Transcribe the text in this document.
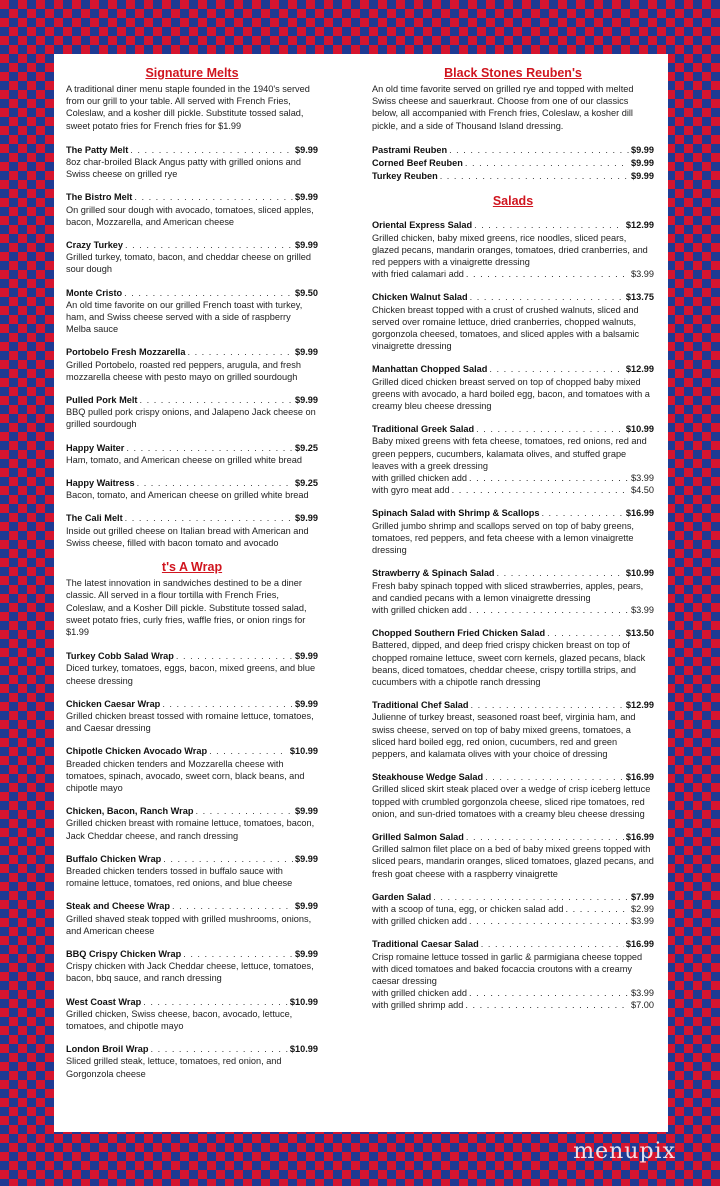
Signature Melts
A traditional diner menu staple founded in the 1940's served from our grill to your table. All served with French Fries, Coleslaw, and a kosher dill pickle. Substitute tossed salad, sweet potato fries for French fries for $1.99
The Patty Melt . . .	$9.99
8oz char-broiled Black Angus patty with grilled onions and Swiss cheese on grilled rye
The Bistro Melt . . .	$9.99
On grilled sour dough with avocado, tomatoes, sliced apples, bacon, Mozzarella, and American cheese
Crazy Turkey . . .	$9.99
Grilled turkey, tomato, bacon, and cheddar cheese on grilled sour dough
Monte Cristo . . .	$9.50
An old time favorite on our grilled French toast with turkey, ham, and Swiss cheese served with a side of raspberry Melba sauce
Portobelo Fresh Mozzarella . . .	$9.99
Grilled Portobelo, roasted red peppers, arugula, and fresh mozzarella cheese with pesto mayo on grilled sourdough
Pulled Pork Melt . . .	$9.99
BBQ pulled pork crispy onions, and Jalapeno Jack cheese on grilled sourdough
Happy Waiter . . .	$9.25
Ham, tomato, and American cheese on grilled white bread
Happy Waitress . . .	$9.25
Bacon, tomato, and American cheese on grilled white bread
The Cali Melt . . .	$9.99
Inside out grilled cheese on Italian bread with American and Swiss cheese, filled with bacon tomato and avocado
t's A Wrap
The latest innovation in sandwiches destined to be a diner classic. All served in a flour tortilla with French Fries, Coleslaw, and a Kosher Dill pickle. Substitute tossed salad, sweet potato fries, curly fries, waffle fries, or onion rings for $1.99
Turkey Cobb Salad Wrap . . .	$9.99
Diced turkey, tomatoes, eggs, bacon, mixed greens, and blue cheese dressing
Chicken Caesar Wrap . . .	$9.99
Grilled chicken breast tossed with romaine lettuce, tomatoes, and Caesar dressing
Chipotle Chicken Avocado Wrap . . .	$10.99
Breaded chicken tenders and Mozzarella cheese with tomatoes, spinach, avocado, sweet corn, black beans, and chipotle mayo
Chicken, Bacon, Ranch Wrap . . .	$9.99
Grilled chicken breast with romaine lettuce, tomatoes, bacon, Jack Cheddar cheese, and ranch dressing
Buffalo Chicken Wrap . . .	$9.99
Breaded chicken tenders tossed in buffalo sauce with romaine lettuce, tomatoes, red onions, and blue cheese
Steak and Cheese Wrap . . .	$9.99
Grilled shaved steak topped with grilled mushrooms, onions, and American cheese
BBQ Crispy Chicken Wrap . . .	$9.99
Crispy chicken with Jack Cheddar cheese, lettuce, tomatoes, bacon, bbq sauce, and ranch dressing
West Coast Wrap . . .	$10.99
Grilled chicken, Swiss cheese, bacon, avocado, lettuce, tomatoes, and chipotle mayo
London Broil Wrap . . .	$10.99
Sliced grilled steak, lettuce, tomatoes, red onion, and Gorgonzola cheese
Black Stones Reuben's
An old time favorite served on grilled rye and topped with melted Swiss cheese and sauerkraut. Choose from one of our classics below, all accompanied with French fries, Coleslaw, a kosher dill pickle, and a side of Thousand Island dressing.
Pastrami Reuben . . .	$9.99
Corned Beef Reuben . . .	$9.99
Turkey Reuben . . .	$9.99
Salads
Oriental Express Salad . . .	$12.99
Grilled chicken, baby mixed greens, rice noodles, sliced pears, glazed pecans, mandarin oranges, tomatoes, dried cranberries, and red peppers with a vinaigrette dressing
with fried calamari add . . .	$3.99
Chicken Walnut Salad . . .	$13.75
Chicken breast topped with a crust of crushed walnuts, sliced and served over romaine lettuce, dried cranberries, chopped walnuts, gorgonzola cheesed, tomatoes, and sliced apples with a balsamic vinaigrette dressing
Manhattan Chopped Salad . . .	$12.99
Grilled diced chicken breast served on top of chopped baby mixed greens with avocado, a hard boiled egg, bacon, and tomatoes with a creamy bleu cheese dressing
Traditional Greek Salad . . .	$10.99
Baby mixed greens with feta cheese, tomatoes, red onions, red and green peppers, cucumbers, kalamata olives, and stuffed grape leaves with a greek dressing
with grilled chicken add . . .	$3.99
with gyro meat add . . .	$4.50
Spinach Salad with Shrimp & Scallops . . .	$16.99
Grilled jumbo shrimp and scallops served on top of baby greens, tomatoes, red peppers, and feta cheese with a lemon vinaigrette dressing
Strawberry & Spinach Salad . . .	$10.99
Fresh baby spinach topped with sliced strawberries, apples, pears, and candied pecans with a lemon vinaigrette dressing
with grilled chicken add . . .	$3.99
Chopped Southern Fried Chicken Salad . . .	$13.50
Battered, dipped, and deep fried crispy chicken breast on top of chopped romaine lettuce, sweet corn kernels, glazed pecans, black beans, diced tomatoes, cheddar cheese, crispy tortilla strips, and cucumbers with a chipotle ranch dressing
Traditional Chef Salad . . .	$12.99
Julienne of turkey breast, seasoned roast beef, virginia ham, and swiss cheese, served on top of baby mixed greens, tomatoes, a sliced hard boiled egg, red onion, cucumbers, red and green peppers, and kalamata olives with your choice of dressing
Steakhouse Wedge Salad . . .	$16.99
Grilled sliced skirt steak placed over a wedge of crisp iceberg lettuce topped with crumbled gorgonzola cheese, sliced ripe tomatoes, red onion, and sun-dried tomatoes with a creamy bleu cheese dressing
Grilled Salmon Salad . . .	$16.99
Grilled salmon filet place on a bed of baby mixed greens topped with sliced pears, mandarin oranges, sliced tomatoes, glazed pecans, and fresh goat cheese with a raspberry vinaigrette
Garden Salad . . .	$7.99
with a scoop of tuna, egg, or chicken salad add . . .	$2.99
with grilled chicken add . . .	$3.99
Traditional Caesar Salad . . .	$16.99
Crisp romaine lettuce tossed in garlic & parmigiana cheese topped with diced tomatoes and baked focaccia croutons with a creamy caesar dressing
with grilled chicken add . . .	$3.99
with grilled shrimp add . . .	$7.00
menupix
